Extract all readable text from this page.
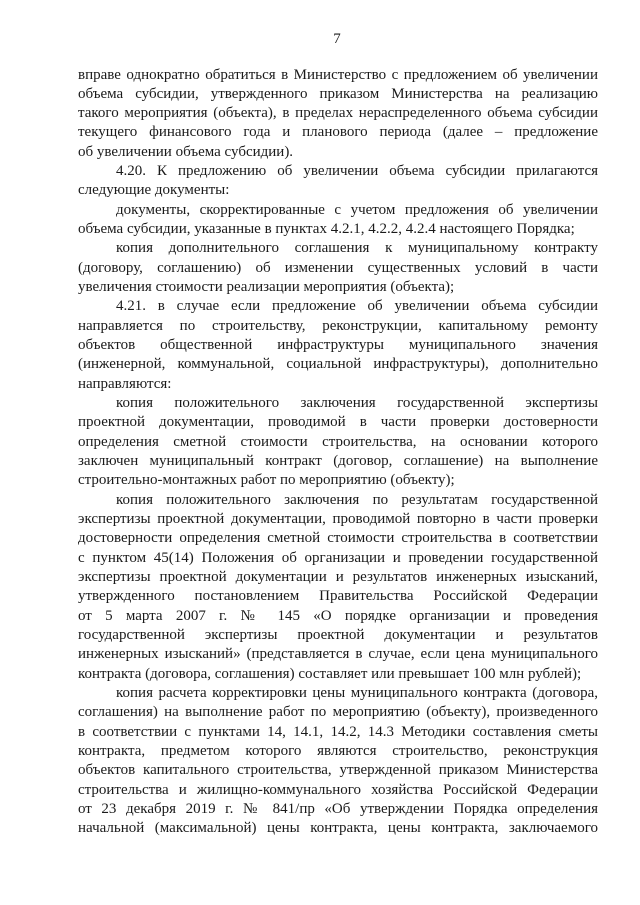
7
вправе однократно обратиться в Министерство с предложением об увеличении
объема субсидии, утвержденного приказом Министерства на реализацию
такого мероприятия (объекта), в пределах нераспределенного объема субсидии
текущего финансового года и планового периода (далее – предложение
об увеличении объема субсидии).
4.20. К предложению об увеличении объема субсидии прилагаются
следующие документы:
документы, скорректированные с учетом предложения об увеличении
объема субсидии, указанные в пунктах 4.2.1, 4.2.2, 4.2.4 настоящего Порядка;
копия дополнительного соглашения к муниципальному контракту
(договору, соглашению) об изменении существенных условий в части
увеличения стоимости реализации мероприятия (объекта);
4.21. в случае если предложение об увеличении объема субсидии
направляется по строительству, реконструкции, капитальному ремонту
объектов общественной инфраструктуры муниципального значения
(инженерной, коммунальной, социальной инфраструктуры), дополнительно
направляются:
копия положительного заключения государственной экспертизы
проектной документации, проводимой в части проверки достоверности
определения сметной стоимости строительства, на основании которого
заключен муниципальный контракт (договор, соглашение) на выполнение
строительно-монтажных работ по мероприятию (объекту);
копия положительного заключения по результатам государственной
экспертизы проектной документации, проводимой повторно в части проверки
достоверности определения сметной стоимости строительства в соответствии
с пунктом 45(14) Положения об организации и проведении государственной
экспертизы проектной документации и результатов инженерных изысканий,
утвержденного постановлением Правительства Российской Федерации
от 5 марта 2007 г. № 145 «О порядке организации и проведения
государственной экспертизы проектной документации и результатов
инженерных изысканий» (представляется в случае, если цена муниципального
контракта (договора, соглашения) составляет или превышает 100 млн рублей);
копия расчета корректировки цены муниципального контракта (договора,
соглашения) на выполнение работ по мероприятию (объекту), произведенного
в соответствии с пунктами 14, 14.1, 14.2, 14.3 Методики составления сметы
контракта, предметом которого являются строительство, реконструкция
объектов капитального строительства, утвержденной приказом Министерства
строительства и жилищно-коммунального хозяйства Российской Федерации
от 23 декабря 2019 г. № 841/пр «Об утверждении Порядка определения
начальной (максимальной) цены контракта, цены контракта, заключаемого
